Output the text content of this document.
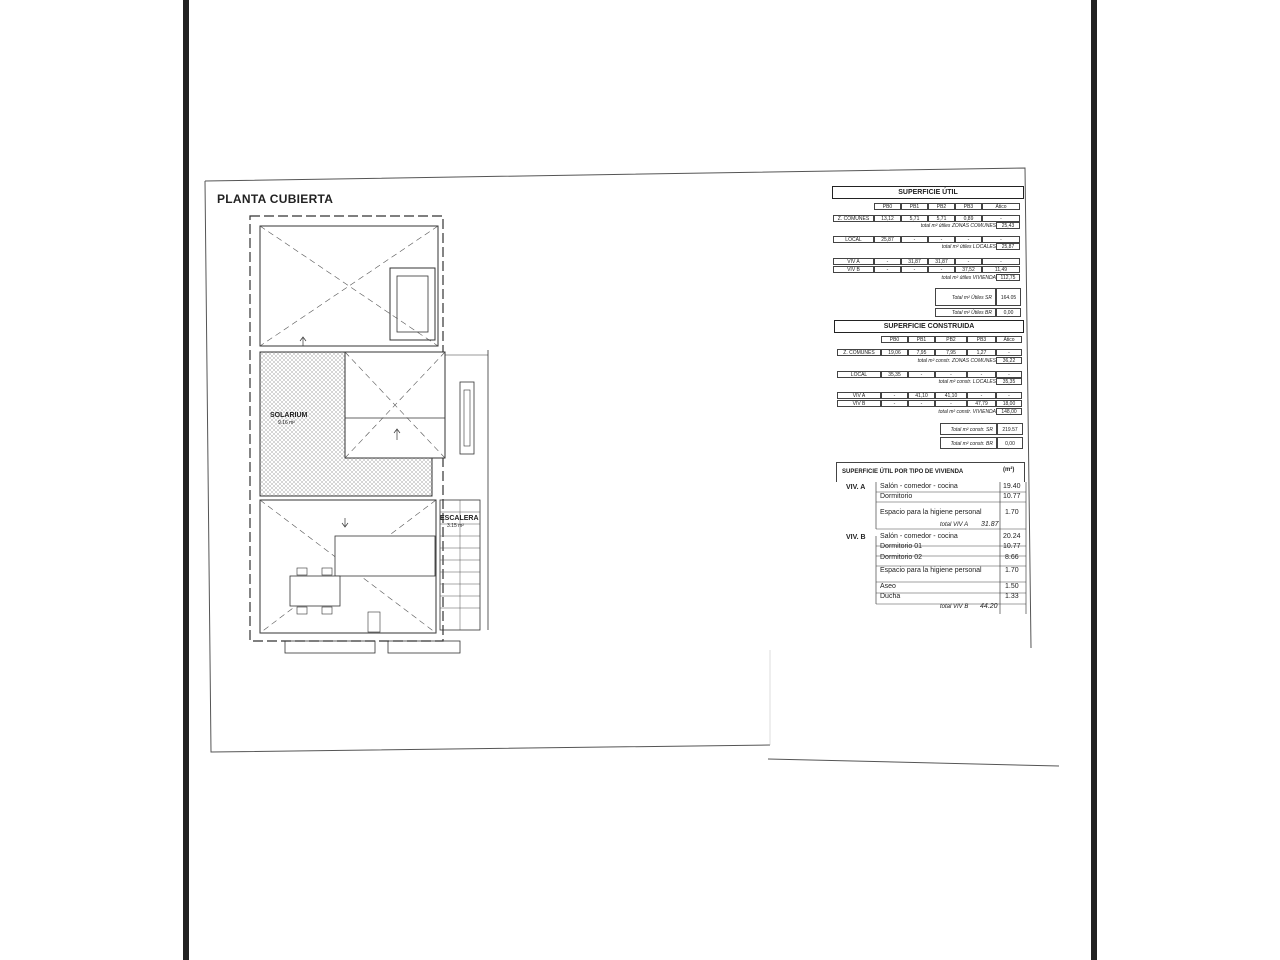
PLANTA CUBIERTA
SOLARIUM
9.16 m²
ESCALERA
3.15 m²
SUPERFICIE ÚTIL
PB0	PB1	PB2	PB3	Ático
Z. COMUNES	13,12	5,71	5,71	0,89	-
total m² útiles ZONAS COMUNES	25,43
LOCAL	25,87	-	-	-	-
total m² útiles LOCALES	25,87
VIV A	-	31,87	31,87	-	-
VIV B	-	-	-	37,52	11,49
total m² útiles VIVIENDA 112,75
Total m² Útiles SR	164.05
Total m² Útiles BR	0,00
SUPERFICIE CONSTRUIDA
PB0	PB1	PB2	PB3	Ático
Z. COMUNES	19,06	7,95	7,95	1,27	-
total m² constr. ZONAS COMUNES	36,22
LOCAL	35,35	-	-	-	-
total m² constr. LOCALES	35,35
VIV A	-	41,10	41,10	-	-
VIV B	-	-	-	47,79	18,00
total m² constr. VIVIENDA	148,00
Total m² constr. SR	219.57
Total m² constr. BR	0,00
SUPERFICIE ÚTIL POR TIPO DE VIVIENDA	(m²)
VIV. A Salón - comedor - cocina	19.40
Dormitorio	10.77
Espacio para la higiene personal	1.70
total VIV A 31.87
VIV. B Salón - comedor - cocina	20.24
Dormitorio 01	10.77
Dormitorio 02	8.66
Espacio para la higiene personal	1.70
Aseo	1.50
Ducha	1.33
total VIV B 44.20
